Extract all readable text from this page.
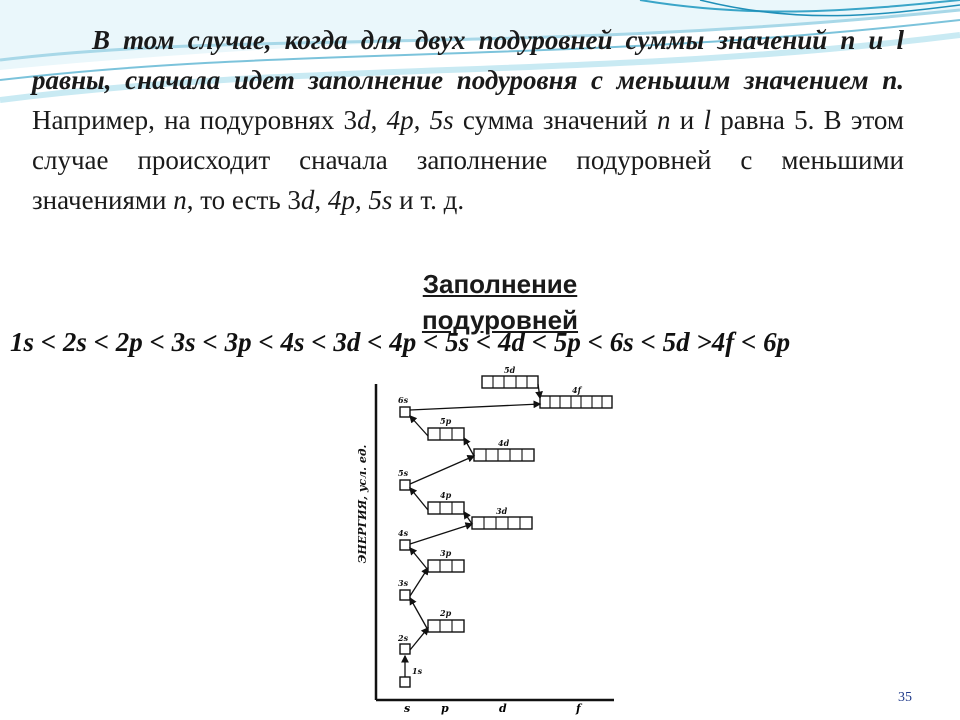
В том случае, когда для двух подуровней суммы значений n и l равны, сначала идет заполнение подуровня с меньшим значением n. Например, на подуровнях 3d, 4p, 5s сумма значений n и l равна 5. В этом случае происходит сначала заполнение подуровней с меньшими значениями n, то есть 3d, 4p, 5s и т. д.
Заполнение подуровней
1s < 2s < 2p < 3s < 3p < 4s < 3d < 4p < 5s < 4d < 5p < 6s < 5d >4f < 6p
ЭНЕРГИЯ, усл. ед.
s	p	d	f
1s
2s
2p
3s
3p
4s
3d
4p
5s
4d
5p
6s
5d
4f
35
